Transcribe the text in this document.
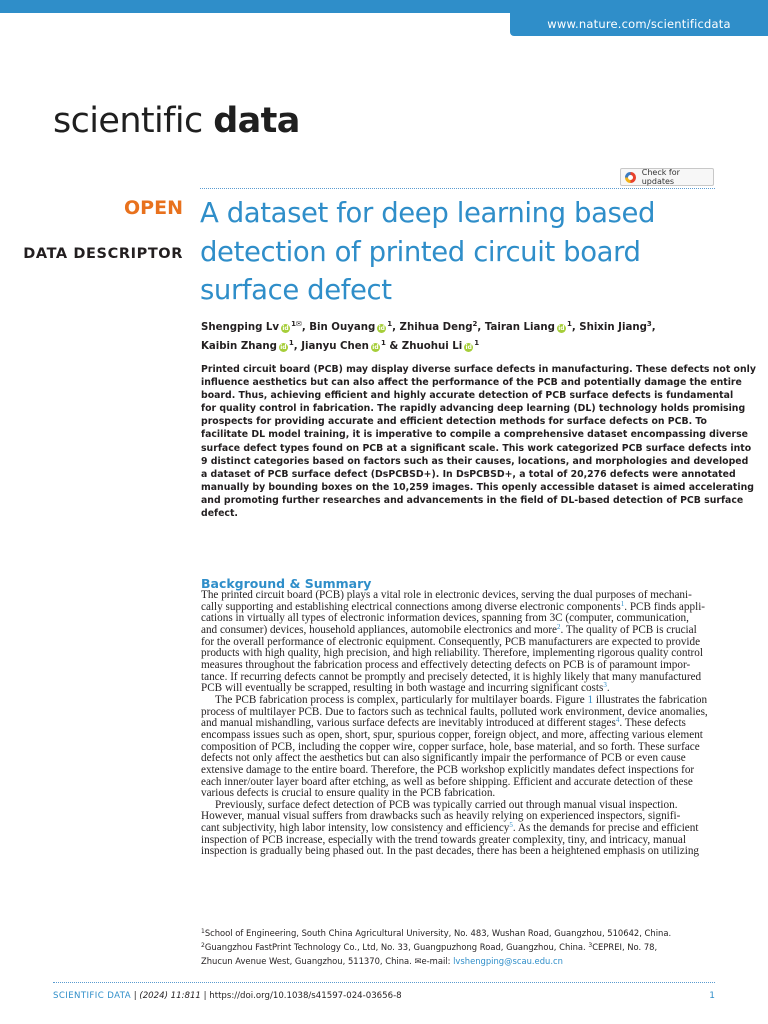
www.nature.com/scientificdata
scientific data
Check for updates
OPEN
DATA DESCRIPTOR
A dataset for deep learning based
detection of printed circuit board
surface defect
Shengping Lv $id^{1✉}$, Bin Ouyang $id^1$, Zhihua Deng$^2$, Tairan Liang $id^1$, Shixin Jiang$^3$,
Kaibin Zhang $id^1$, Jianyu Chen $id^1$ & Zhuohui Li $id^1$
Printed circuit board (PCB) may display diverse surface defects in manufacturing. These defects not only
influence aesthetics but can also affect the performance of the PCB and potentially damage the entire
board. Thus, achieving efficient and highly accurate detection of PCB surface defects is fundamental
for quality control in fabrication. The rapidly advancing deep learning (DL) technology holds promising
prospects for providing accurate and efficient detection methods for surface defects on PCB. To
facilitate DL model training, it is imperative to compile a comprehensive dataset encompassing diverse
surface defect types found on PCB at a significant scale. This work categorized PCB surface defects into
9 distinct categories based on factors such as their causes, locations, and morphologies and developed
a dataset of PCB surface defect (DsPCBSD+). In DsPCBSD+, a total of 20,276 defects were annotated
manually by bounding boxes on the 10,259 images. This openly accessible dataset is aimed accelerating
and promoting further researches and advancements in the field of DL-based detection of PCB surface
defect.
Background & Summary
The printed circuit board (PCB) plays a vital role in electronic devices, serving the dual purposes of mechani-
cally supporting and establishing electrical connections among diverse electronic components$^1$. PCB finds appli-
cations in virtually all types of electronic information devices, spanning from 3C (computer, communication,
and consumer) devices, household appliances, automobile electronics and more$^2$. The quality of PCB is crucial
for the overall performance of electronic equipment. Consequently, PCB manufacturers are expected to provide
products with high quality, high precision, and high reliability. Therefore, implementing rigorous quality control
measures throughout the fabrication process and effectively detecting defects on PCB is of paramount impor-
tance. If recurring defects cannot be promptly and precisely detected, it is highly likely that many manufactured
PCB will eventually be scrapped, resulting in both wastage and incurring significant costs$^3$.
The PCB fabrication process is complex, particularly for multilayer boards. Figure 1 illustrates the fabrication
process of multilayer PCB. Due to factors such as technical faults, polluted work environment, device anomalies,
and manual mishandling, various surface defects are inevitably introduced at different stages$^4$. These defects
encompass issues such as open, short, spur, spurious copper, foreign object, and more, affecting various element
composition of PCB, including the copper wire, copper surface, hole, base material, and so forth. These surface
defects not only affect the aesthetics but can also significantly impair the performance of PCB or even cause
extensive damage to the entire board. Therefore, the PCB workshop explicitly mandates defect inspections for
each inner/outer layer board after etching, as well as before shipping. Efficient and accurate detection of these
various defects is crucial to ensure quality in the PCB fabrication.
Previously, surface defect detection of PCB was typically carried out through manual visual inspection.
However, manual visual suffers from drawbacks such as heavily relying on experienced inspectors, signifi-
cant subjectivity, high labor intensity, low consistency and efficiency$^5$. As the demands for precise and efficient
inspection of PCB increase, especially with the trend towards greater complexity, tiny, and intricacy, manual
inspection is gradually being phased out. In the past decades, there has been a heightened emphasis on utilizing
$^1$School of Engineering, South China Agricultural University, No. 483, Wushan Road, Guangzhou, 510642, China.
$^2$Guangzhou FastPrint Technology Co., Ltd, No. 33, Guangpuzhong Road, Guangzhou, China. $^3$CEPREI, No. 78,
Zhucun Avenue West, Guangzhou, 511370, China. ✉e-mail: lvshengping@scau.edu.cn
SCIENTIFIC DATA | (2024) 11:811 | https://doi.org/10.1038/s41597-024-03656-8	1
